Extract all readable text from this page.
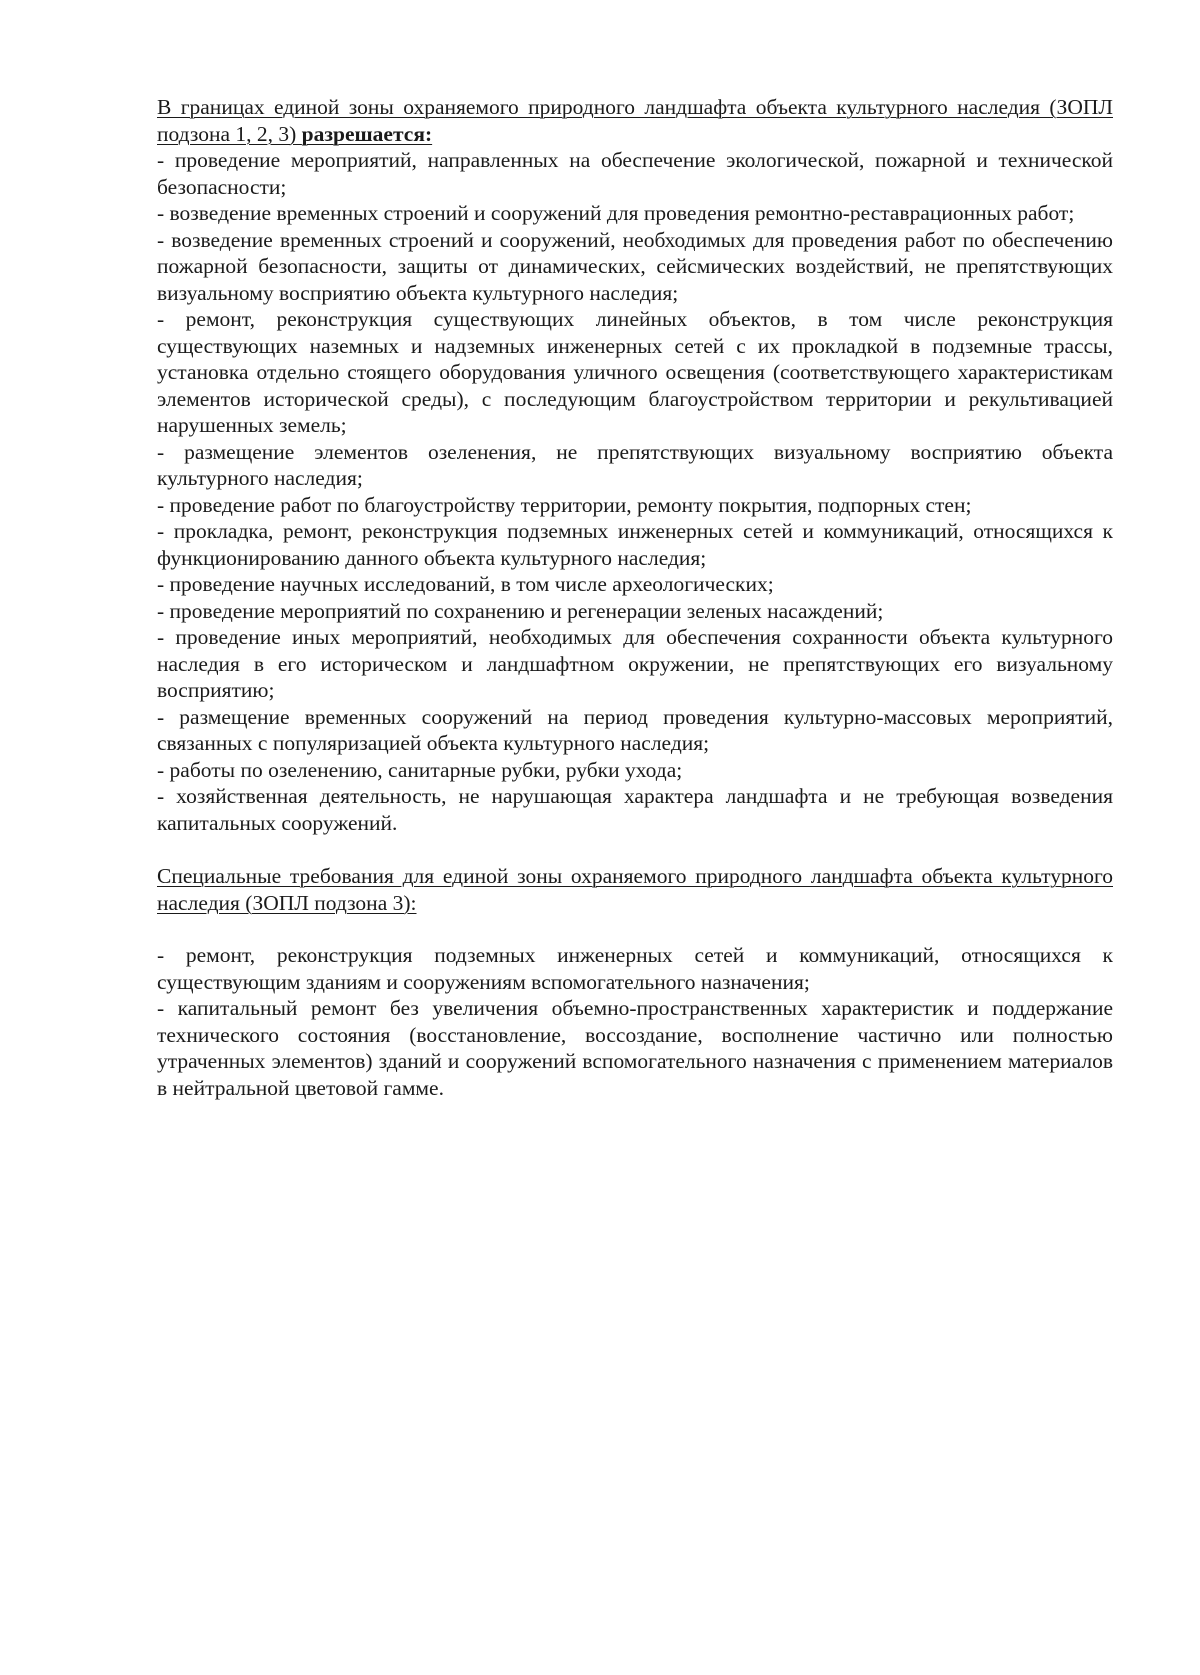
В границах единой зоны охраняемого природного ландшафта объекта культурного наследия (ЗОПЛ подзона 1, 2, 3) разрешается:

- проведение мероприятий, направленных на обеспечение экологической, пожарной и технической безопасности;

- возведение временных строений и сооружений для проведения ремонтно-реставрационных работ;

- возведение временных строений и сооружений, необходимых для проведения работ по обеспечению пожарной безопасности, защиты от динамических, сейсмических воздействий, не препятствующих визуальному восприятию объекта культурного наследия;

- ремонт, реконструкция существующих линейных объектов, в том числе реконструкция существующих наземных и надземных инженерных сетей с их прокладкой в подземные трассы, установка отдельно стоящего оборудования уличного освещения (соответствующего характеристикам элементов исторической среды), с последующим благоустройством территории и рекультивацией нарушенных земель;

- размещение элементов озеленения, не препятствующих визуальному восприятию объекта культурного наследия;

- проведение работ по благоустройству территории, ремонту покрытия, подпорных стен;

- прокладка, ремонт, реконструкция подземных инженерных сетей и коммуникаций, относящихся к функционированию данного объекта культурного наследия;

- проведение научных исследований, в том числе археологических;

- проведение мероприятий по сохранению и регенерации зеленых насаждений;

- проведение иных мероприятий, необходимых для обеспечения сохранности объекта культурного наследия в его историческом и ландшафтном окружении, не препятствующих его визуальному восприятию;

- размещение временных сооружений на период проведения культурно-массовых мероприятий, связанных с популяризацией объекта культурного наследия;

- работы по озеленению, санитарные рубки, рубки ухода;

- хозяйственная деятельность, не нарушающая характера ландшафта и не требующая возведения капитальных сооружений.

Специальные требования для единой зоны охраняемого природного ландшафта объекта культурного наследия (ЗОПЛ подзона 3):

- ремонт, реконструкция подземных инженерных сетей и коммуникаций, относящихся к существующим зданиям и сооружениям вспомогательного назначения;

- капитальный ремонт без увеличения объемно-пространственных характеристик и поддержание технического состояния (восстановление, воссоздание, восполнение частично или полностью утраченных элементов) зданий и сооружений вспомогательного назначения с применением материалов в нейтральной цветовой гамме.
